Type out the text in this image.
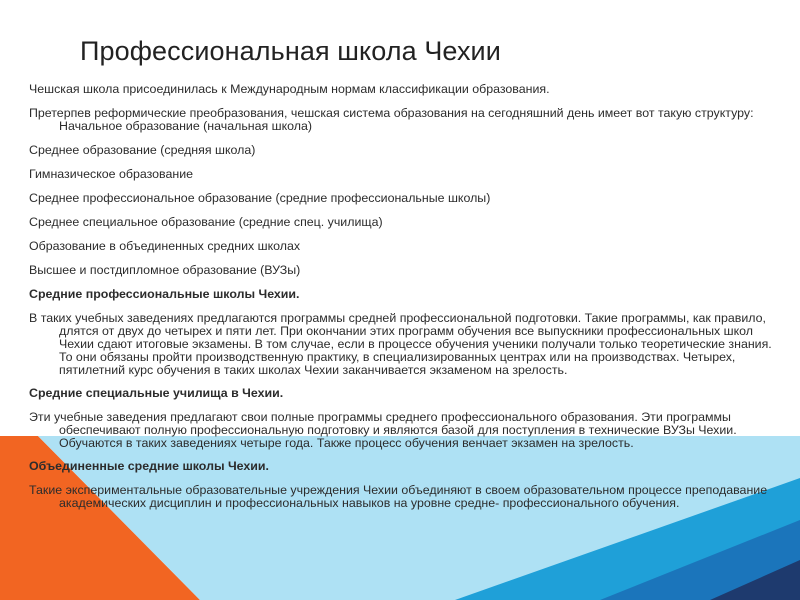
Профессиональная школа Чехии

Чешская школа присоединилась к Международным нормам классификации образования.

Претерпев реформические преобразования, чешская система образования на сегодняшний день имеет вот такую структуру:Начальное образование (начальная школа)

Среднее образование (средняя школа)

Гимназическое образование

Среднее профессиональное образование (средние профессиональные школы)

Среднее специальное образование (средние спец. училища)

Образование в объединенных средних школах

Высшее и постдипломное образование (ВУЗы)

Средние профессиональные школы Чехии.

В таких учебных заведениях предлагаются программы средней профессиональной подготовки. Такие программы, как правило, длятся от двух до четырех и пяти лет. При окончании этих программ обучения все выпускники профессиональных школ Чехии сдают итоговые экзамены. В том случае, если в процессе обучения ученики получали только теоретические знания. То они обязаны пройти производственную практику, в специализированных центрах или на производствах. Четырех, пятилетний курс обучения в таких школах Чехии заканчивается экзаменом на зрелость.

Средние специальные училища в Чехии.

Эти учебные заведения предлагают свои полные программы среднего профессионального образования. Эти программы обеспечивают полную профессиональную подготовку и являются базой для поступления в технические ВУЗы Чехии. Обучаются в таких заведениях четыре года. Также процесс обучения венчает экзамен на зрелость.

Объединенные средние школы Чехии.

Такие экспериментальные образовательные учреждения Чехии объединяют в своем образовательном процессе преподавание академических дисциплин и профессиональных навыков на уровне средне- профессионального обучения.
